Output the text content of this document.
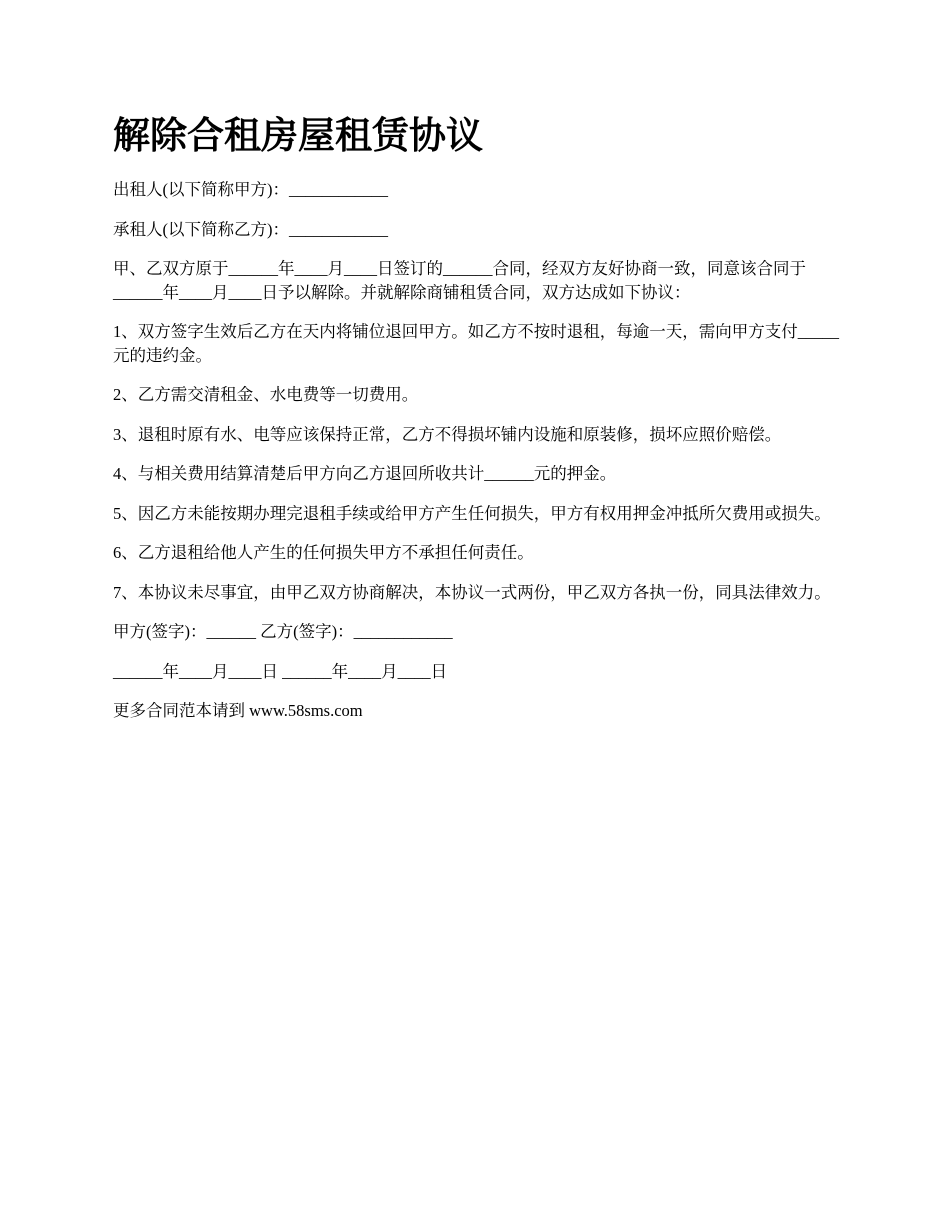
解除合租房屋租赁协议

出租人(以下简称甲方)：____________

承租人(以下简称乙方)：____________

甲、乙双方原于______年____月____日签订的______合同，经双方友好协商一致，同意该合同于______年____月____日予以解除。并就解除商铺租赁合同，双方达成如下协议：

1、双方签字生效后乙方在天内将铺位退回甲方。如乙方不按时退租，每逾一天，需向甲方支付_____元的违约金。

2、乙方需交清租金、水电费等一切费用。

3、退租时原有水、电等应该保持正常，乙方不得损坏铺内设施和原装修，损坏应照价赔偿。

4、与相关费用结算清楚后甲方向乙方退回所收共计______元的押金。

5、因乙方未能按期办理完退租手续或给甲方产生任何损失，甲方有权用押金冲抵所欠费用或损失。

6、乙方退租给他人产生的任何损失甲方不承担任何责任。

7、本协议未尽事宜，由甲乙双方协商解决，本协议一式两份，甲乙双方各执一份，同具法律效力。

甲方(签字)：______ 乙方(签字)：____________

______年____月____日 ______年____月____日

更多合同范本请到 www.58sms.com
